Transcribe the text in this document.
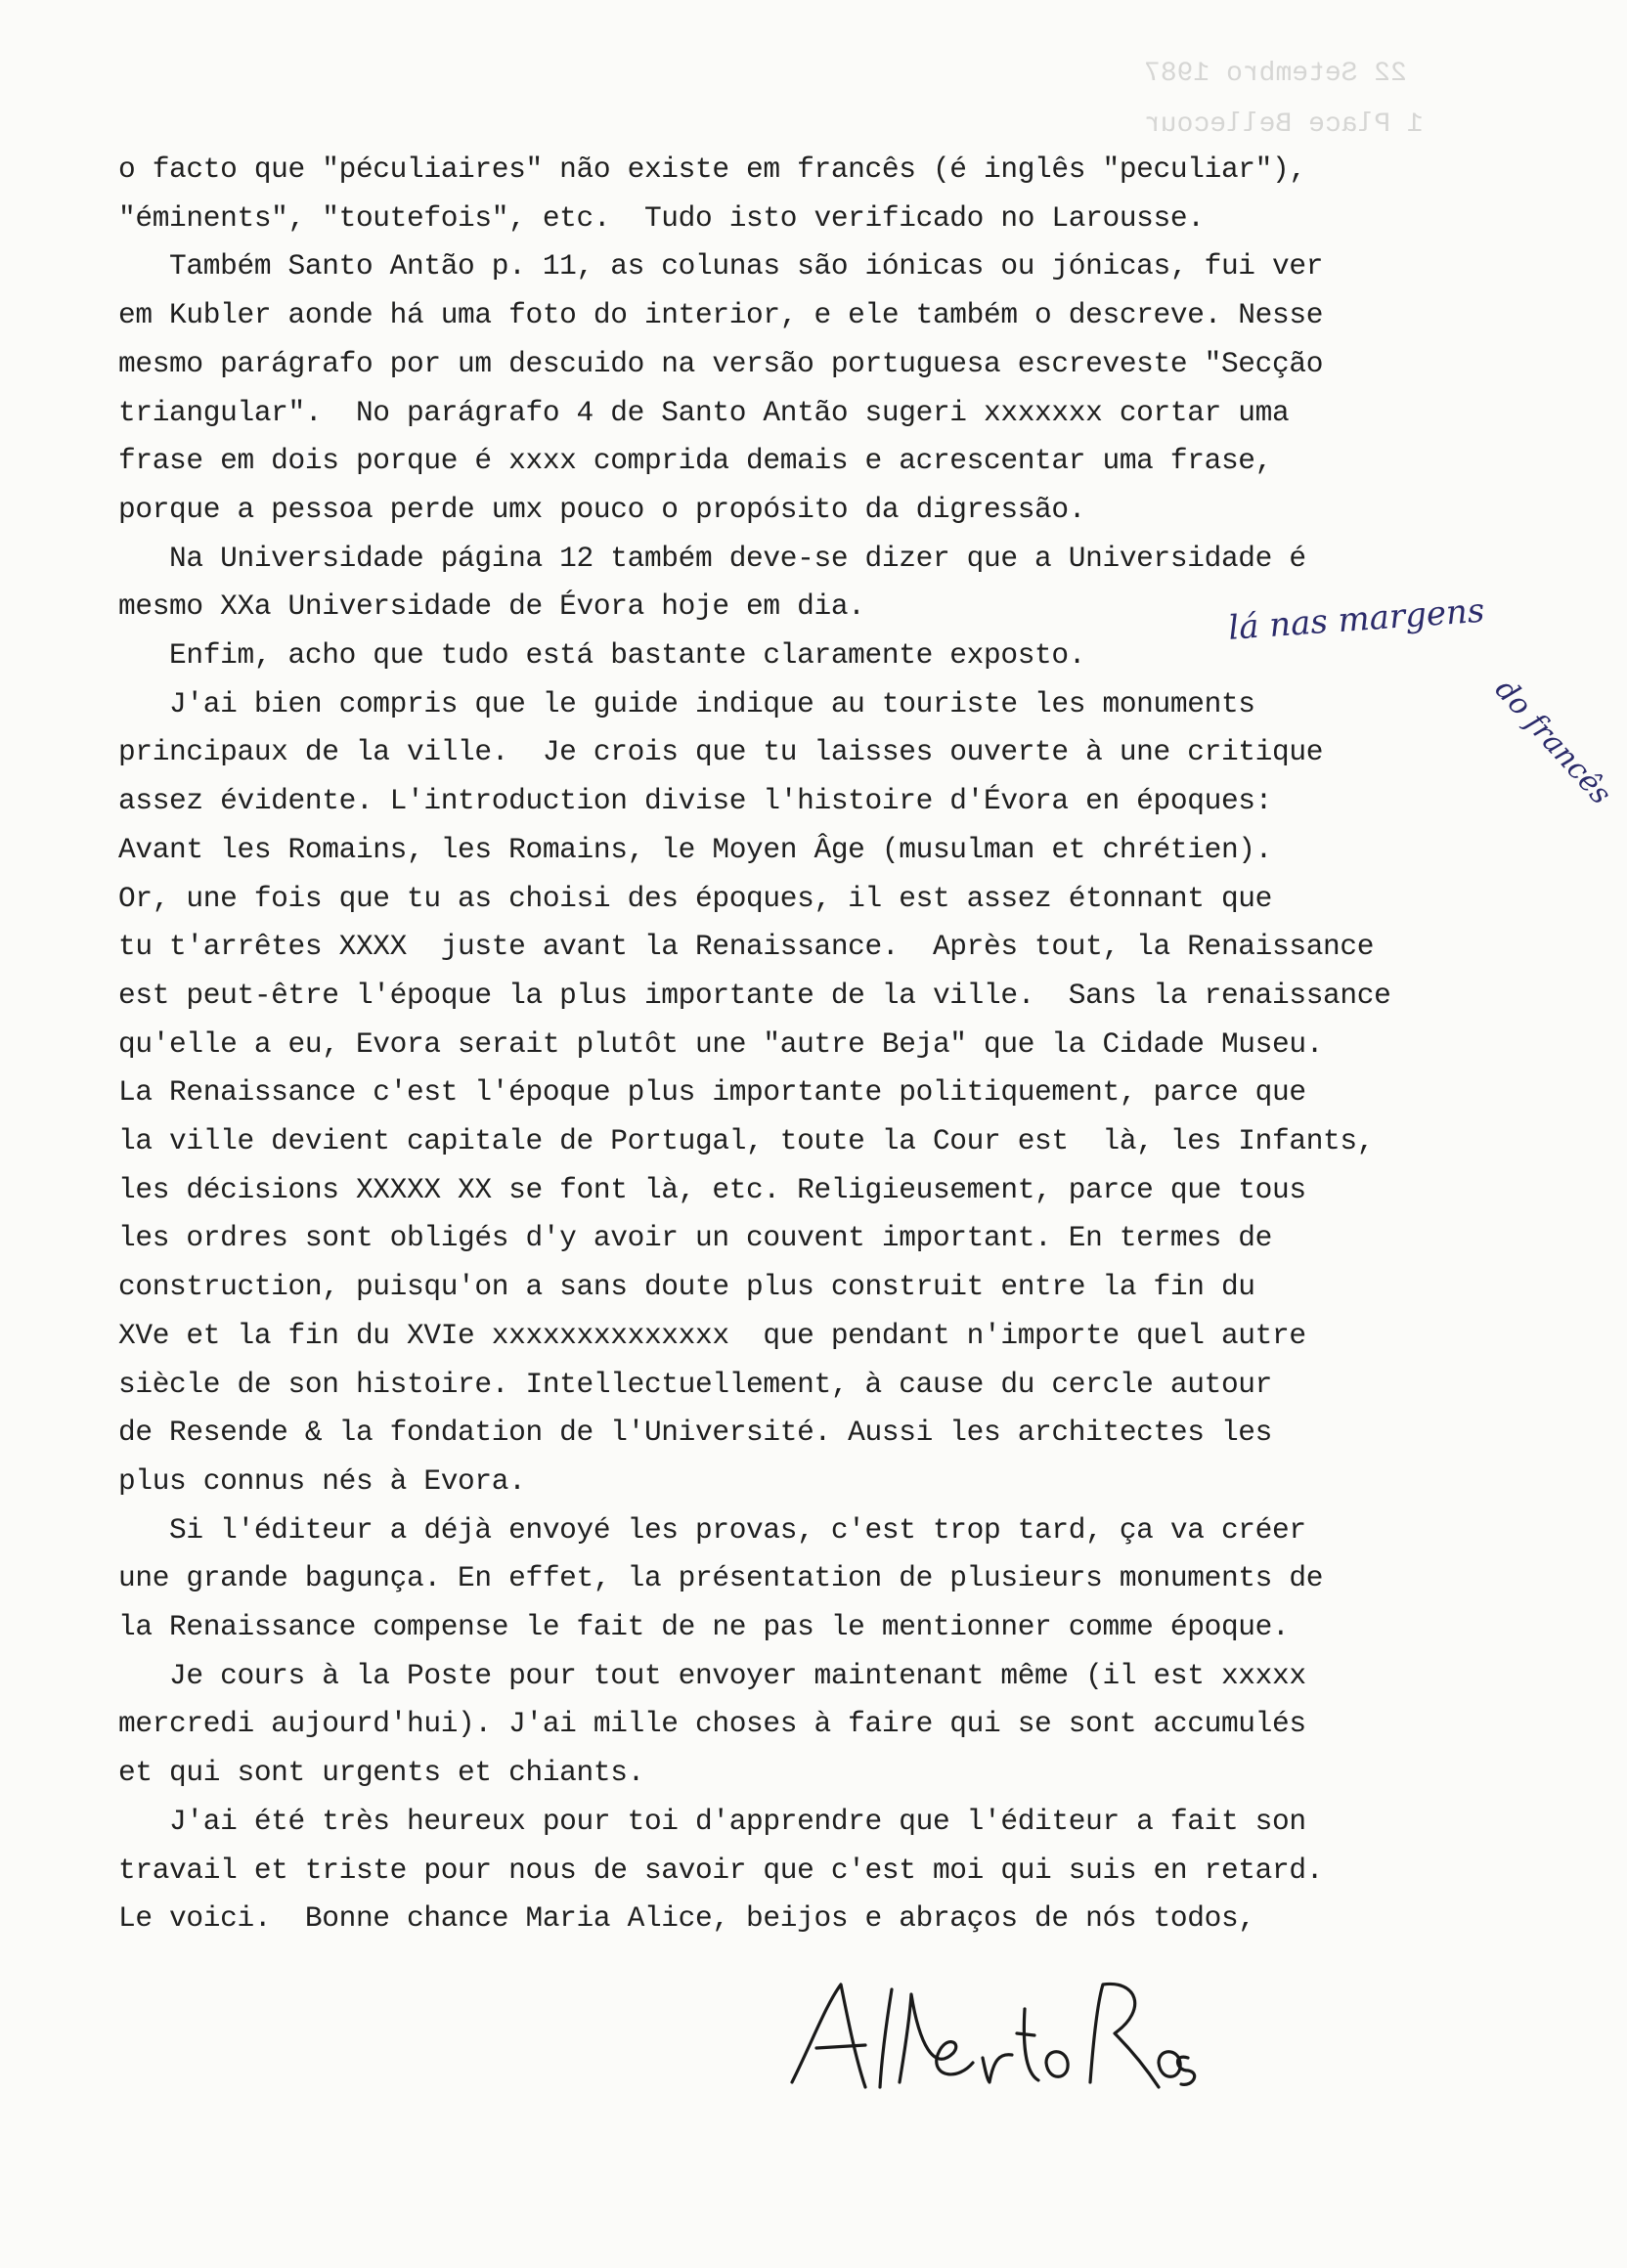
22 Setembro 1987
1 Place Bellecour
o facto que "péculiaires" não existe em francês (é inglês "peculiar"),
"éminents", "toutefois", etc.  Tudo isto verificado no Larousse.
Também Santo Antão p. 11, as colunas são iónicas ou jónicas, fui ver
em Kubler aonde há uma foto do interior, e ele também o descreve. Nesse
mesmo parágrafo por um descuido na versão portuguesa escreveste "Secção
triangular".  No parágrafo 4 de Santo Antão sugeri xxxxxxx cortar uma
frase em dois porque é xxxx comprida demais e acrescentar uma frase,
porque a pessoa perde umx pouco o propósito da digressão.
Na Universidade página 12 também deve-se dizer que a Universidade é
mesmo XXa Universidade de Évora hoje em dia.
Enfim, acho que tudo está bastante claramente exposto.
J'ai bien compris que le guide indique au touriste les monuments
principaux de la ville.  Je crois que tu laisses ouverte à une critique
assez évidente. L'introduction divise l'histoire d'Évora en époques:
Avant les Romains, les Romains, le Moyen Âge (musulman et chrétien).
Or, une fois que tu as choisi des époques, il est assez étonnant que
tu t'arrêtes XXXX  juste avant la Renaissance.  Après tout, la Renaissance
est peut-être l'époque la plus importante de la ville.  Sans la renaissance
qu'elle a eu, Evora serait plutôt une "autre Beja" que la Cidade Museu.
La Renaissance c'est l'époque plus importante politiquement, parce que
la ville devient capitale de Portugal, toute la Cour est  là, les Infants,
les décisions XXXXX XX se font là, etc. Religieusement, parce que tous
les ordres sont obligés d'y avoir un couvent important. En termes de
construction, puisqu'on a sans doute plus construit entre la fin du
XVe et la fin du XVIe xxxxxxxxxxxxxx  que pendant n'importe quel autre
siècle de son histoire. Intellectuellement, à cause du cercle autour
de Resende & la fondation de l'Université. Aussi les architectes les
plus connus nés à Evora.
Si l'éditeur a déjà envoyé les provas, c'est trop tard, ça va créer
une grande bagunça. En effet, la présentation de plusieurs monuments de
la Renaissance compense le fait de ne pas le mentionner comme époque.
Je cours à la Poste pour tout envoyer maintenant même (il est xxxxx
mercredi aujourd'hui). J'ai mille choses à faire qui se sont accumulés
et qui sont urgents et chiants.
J'ai été très heureux pour toi d'apprendre que l'éditeur a fait son
travail et triste pour nous de savoir que c'est moi qui suis en retard.
Le voici.  Bonne chance Maria Alice, beijos e abraços de nós todos,
lá nas margens
do francês
